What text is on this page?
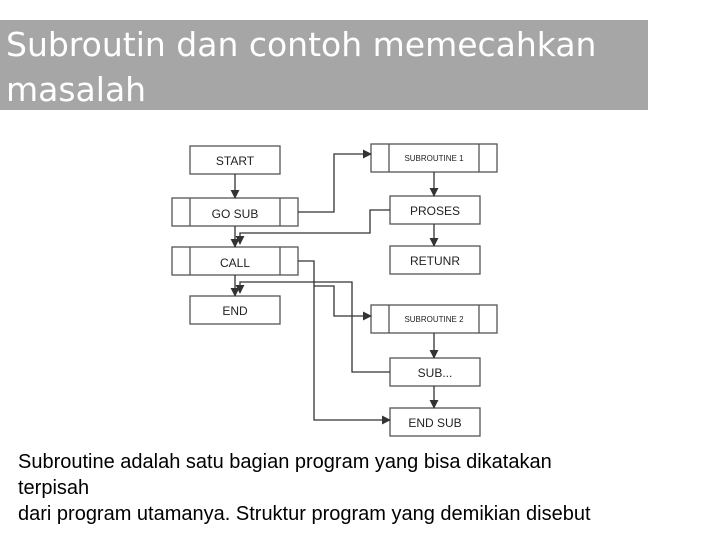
Subroutin dan contoh memecahkan masalah
START
GO SUB
CALL
END
SUBROUTINE 1
PROSES
RETUNR
SUBROUTINE 2
SUB...
END SUB
Subroutine adalah satu bagian program yang bisa dikatakan
terpisah
dari program utamanya. Struktur program yang demikian disebut
